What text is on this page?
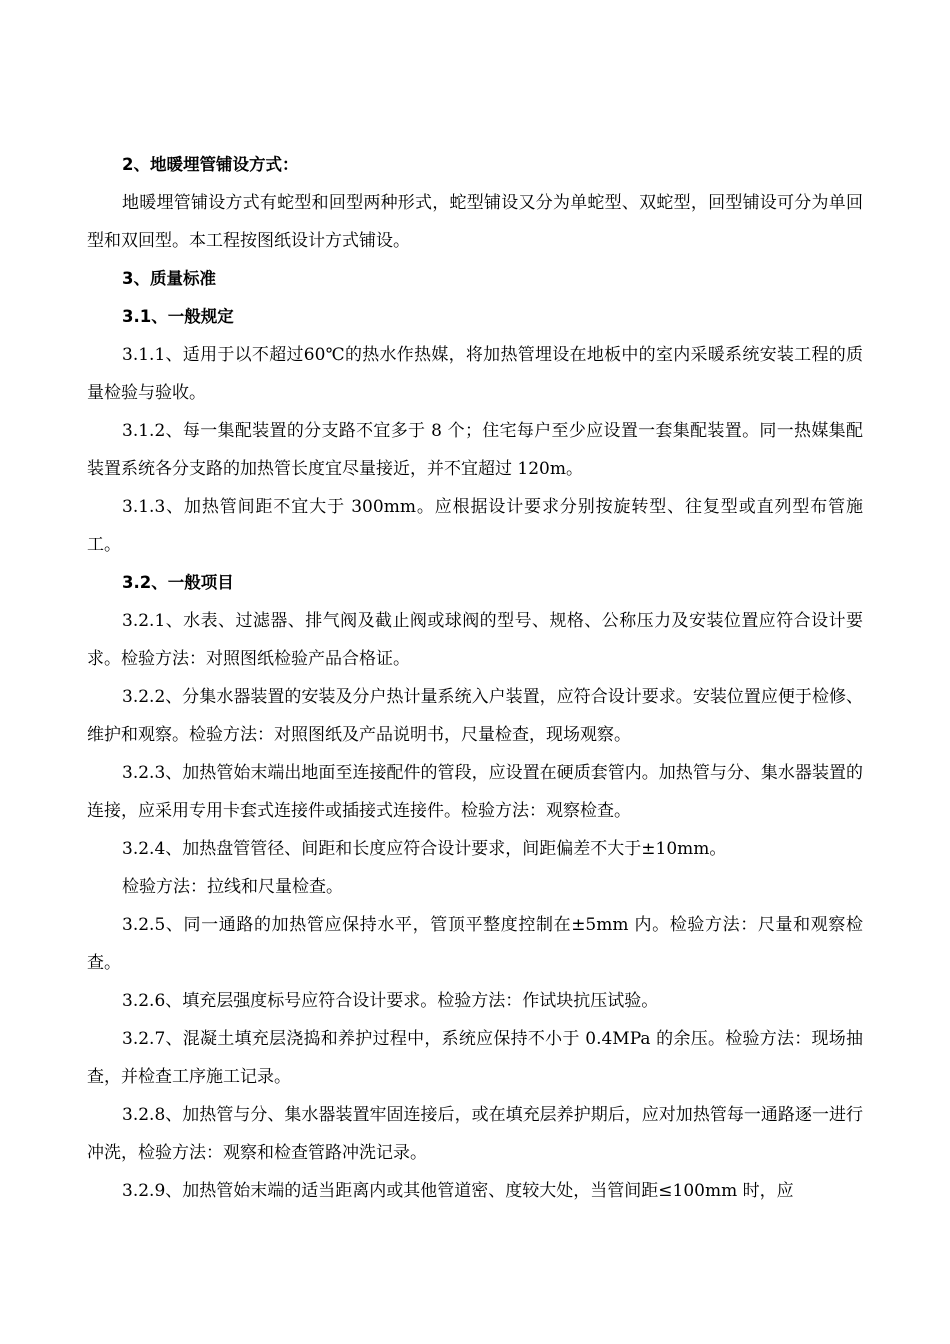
2、地暖埋管铺设方式：

地暖埋管铺设方式有蛇型和回型两种形式，蛇型铺设又分为单蛇型、双蛇型，回型铺设可分为单回型和双回型。本工程按图纸设计方式铺设。

3、质量标准
3.1、一般规定

3.1.1、适用于以不超过60℃的热水作热媒，将加热管埋设在地板中的室内采暖系统安装工程的质量检验与验收。

3.1.2、每一集配装置的分支路不宜多于 8 个；住宅每户至少应设置一套集配装置。同一热媒集配装置系统各分支路的加热管长度宜尽量接近，并不宜超过 120m。

3.1.3、加热管间距不宜大于 300mm。应根据设计要求分别按旋转型、往复型或直列型布管施工。

3.2、一般项目

3.2.1、水表、过滤器、排气阀及截止阀或球阀的型号、规格、公称压力及安装位置应符合设计要求。检验方法：对照图纸检验产品合格证。

3.2.2、分集水器装置的安装及分户热计量系统入户装置，应符合设计要求。安装位置应便于检修、维护和观察。检验方法：对照图纸及产品说明书，尺量检查，现场观察。

3.2.3、加热管始末端出地面至连接配件的管段，应设置在硬质套管内。加热管与分、集水器装置的连接，应采用专用卡套式连接件或插接式连接件。检验方法：观察检查。

3.2.4、加热盘管管径、间距和长度应符合设计要求，间距偏差不大于±10mm。

检验方法：拉线和尺量检查。

3.2.5、同一通路的加热管应保持水平，管顶平整度控制在±5mm 内。检验方法：尺量和观察检查。

3.2.6、填充层强度标号应符合设计要求。检验方法：作试块抗压试验。

3.2.7、混凝土填充层浇捣和养护过程中，系统应保持不小于 0.4MPa 的余压。检验方法：现场抽查，并检查工序施工记录。

3.2.8、加热管与分、集水器装置牢固连接后，或在填充层养护期后，应对加热管每一通路逐一进行冲洗，检验方法：观察和检查管路冲洗记录。

3.2.9、加热管始末端的适当距离内或其他管道密、度较大处，当管间距≤100mm 时，应
